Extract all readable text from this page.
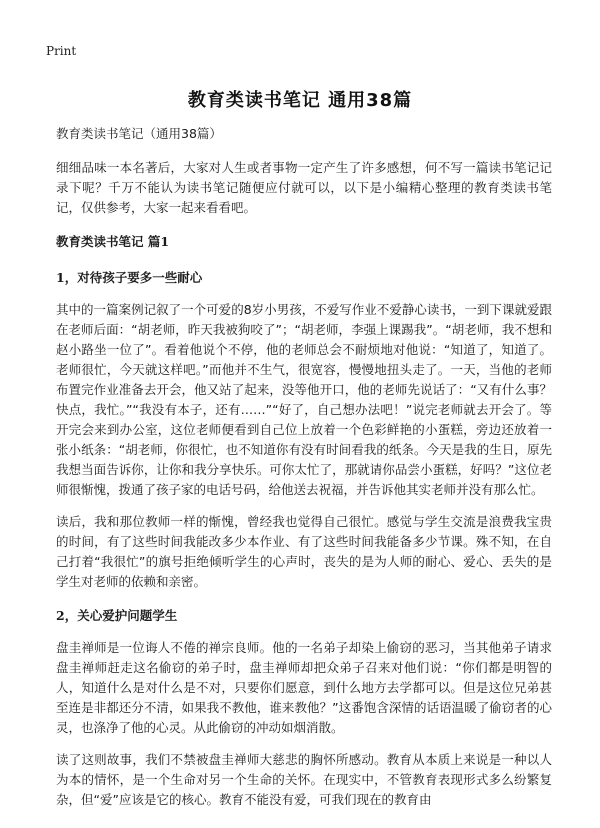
Print
教育类读书笔记 通用38篇
教育类读书笔记（通用38篇）
细细品味一本名著后，大家对人生或者事物一定产生了许多感想，何不写一篇读书笔记记录下呢？千万不能认为读书笔记随便应付就可以，以下是小编精心整理的教育类读书笔记，仅供参考，大家一起来看看吧。
教育类读书笔记 篇1
1，对待孩子要多一些耐心
其中的一篇案例记叙了一个可爱的8岁小男孩，不爱写作业不爱静心读书，一到下课就爱跟在老师后面：“胡老师，昨天我被狗咬了”；“胡老师，李强上课踢我”。“胡老师，我不想和赵小路坐一位了”。看着他说个不停，他的老师总会不耐烦地对他说：“知道了，知道了。老师很忙，今天就这样吧。”而他并不生气，很宽容，慢慢地扭头走了。一天，当他的老师布置完作业准备去开会，他又站了起来，没等他开口，他的老师先说话了：“又有什么事？快点，我忙。”“我没有本子，还有……”“好了，自己想办法吧！”说完老师就去开会了。等开完会来到办公室，这位老师便看到自己位上放着一个色彩鲜艳的小蛋糕，旁边还放着一张小纸条：“胡老师，你很忙，也不知道你有没有时间看我的纸条。今天是我的生日，原先我想当面告诉你，让你和我分享快乐。可你太忙了，那就请你品尝小蛋糕，好吗？”这位老师很惭愧，拨通了孩子家的电话号码，给他送去祝福，并告诉他其实老师并没有那么忙。
读后，我和那位教师一样的惭愧，曾经我也觉得自己很忙。感觉与学生交流是浪费我宝贵的时间，有了这些时间我能改多少本作业、有了这些时间我能备多少节课。殊不知，在自己打着“我很忙”的旗号拒绝倾听学生的心声时，丧失的是为人师的耐心、爱心、丢失的是学生对老师的依赖和亲密。
2，关心爱护问题学生
盘圭禅师是一位诲人不倦的禅宗良师。他的一名弟子却染上偷窃的恶习，当其他弟子请求盘圭禅师赶走这名偷窃的弟子时，盘圭禅师却把众弟子召来对他们说：“你们都是明智的人，知道什么是对什么是不对，只要你们愿意，到什么地方去学都可以。但是这位兄弟甚至连是非都还分不清，如果我不教他，谁来教他？”这番饱含深情的话语温暖了偷窃者的心灵，也涤净了他的心灵。从此偷窃的冲动如烟消散。
读了这则故事，我们不禁被盘圭禅师大慈悲的胸怀所感动。教育从本质上来说是一种以人为本的情怀，是一个生命对另一个生命的关怀。在现实中，不管教育表现形式多么纷繁复杂，但“爱”应该是它的核心。教育不能没有爱，可我们现在的教育由
